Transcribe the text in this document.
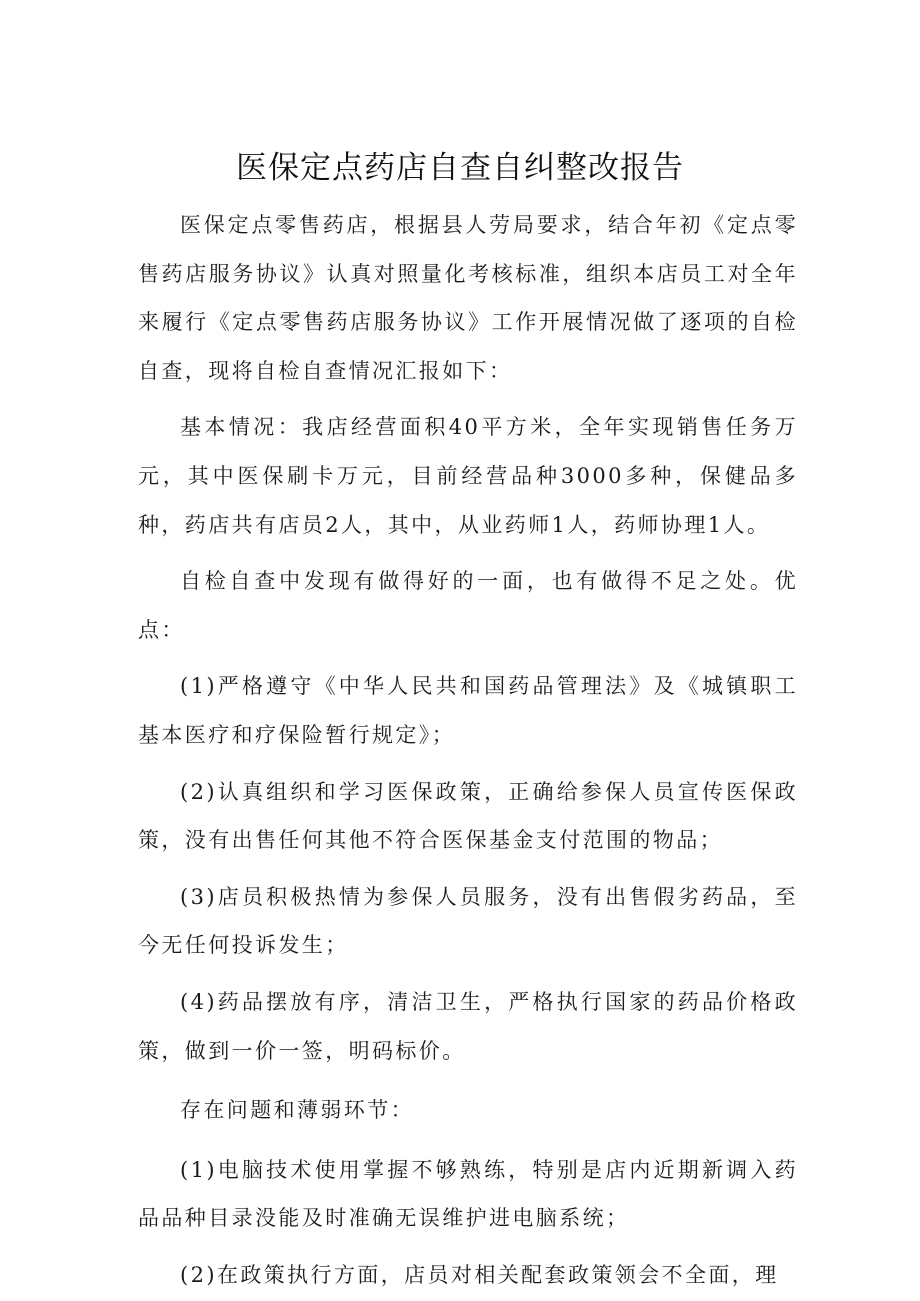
医保定点药店自查自纠整改报告

医保定点零售药店，根据县人劳局要求，结合年初《定点零售药店服务协议》认真对照量化考核标准，组织本店员工对全年来履行《定点零售药店服务协议》工作开展情况做了逐项的自检自查，现将自检自查情况汇报如下：

基本情况：我店经营面积40平方米，全年实现销售任务万元，其中医保刷卡万元，目前经营品种3000多种，保健品多种，药店共有店员2人，其中，从业药师1人，药师协理1人。

自检自查中发现有做得好的一面，也有做得不足之处。优点：

(1)严格遵守《中华人民共和国药品管理法》及《城镇职工基本医疗和疗保险暂行规定》；

(2)认真组织和学习医保政策，正确给参保人员宣传医保政策，没有出售任何其他不符合医保基金支付范围的物品；

(3)店员积极热情为参保人员服务，没有出售假劣药品，至今无任何投诉发生；

(4)药品摆放有序，清洁卫生，严格执行国家的药品价格政策，做到一价一签，明码标价。

存在问题和薄弱环节：

(1)电脑技术使用掌握不够熟练，特别是店内近期新调入药品品种目录没能及时准确无误维护进电脑系统；

(2)在政策执行方面，店员对相关配套政策领会不全面，理
